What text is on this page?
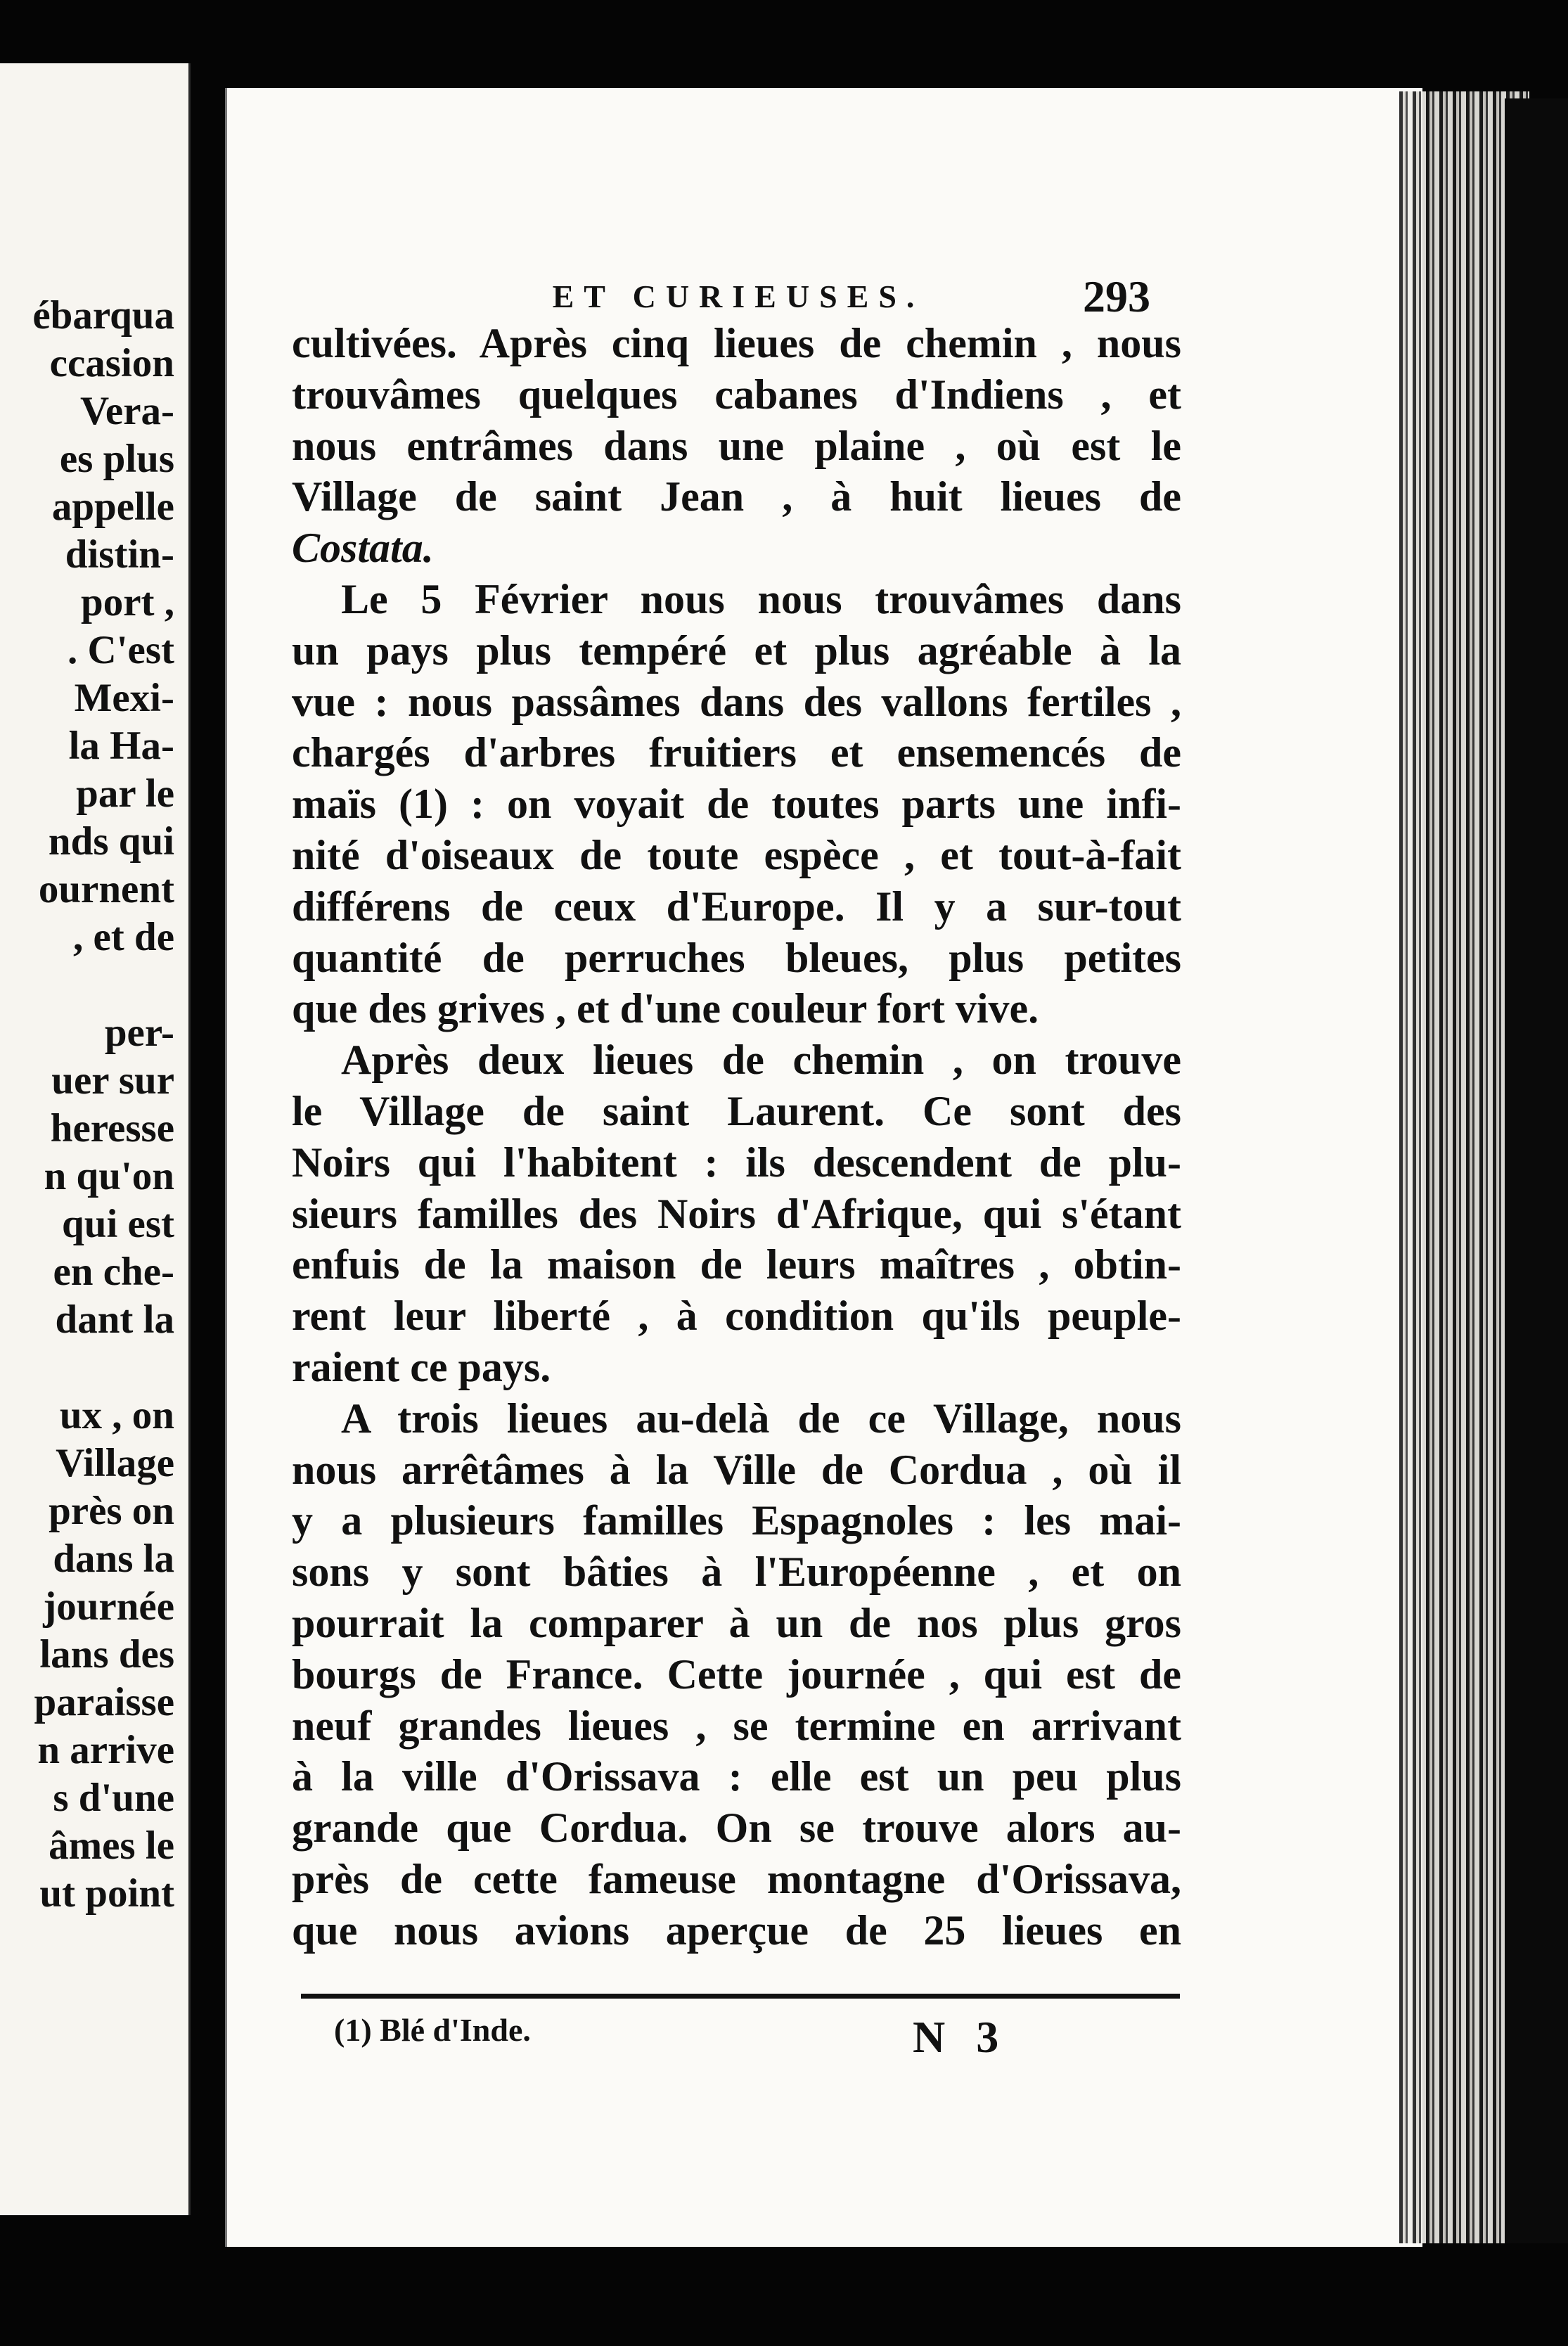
ébarqua
ccasion
Vera-
es plus
appelle
distin-
port ,
. C'est
Mexi-
la Ha-
par le
nds qui
ournent
, et de

per-
uer sur
heresse
n qu'on
qui est
en che-
dant la

ux , on
Village
près on
dans la
journée
lans des
paraisse
n arrive
s d'une
âmes le
ut point
ET CURIEUSES.	293
cultivées. Après cinq lieues de chemin , nous
trouvâmes quelques cabanes d'Indiens , et
nous entrâmes dans une plaine , où est le
Village de saint Jean , à huit lieues de
Costata.
Le 5 Février nous nous trouvâmes dans
un pays plus tempéré et plus agréable à la
vue : nous passâmes dans des vallons fertiles ,
chargés d'arbres fruitiers et ensemencés de
maïs (1) : on voyait de toutes parts une infi-
nité d'oiseaux de toute espèce , et tout-à-fait
différens de ceux d'Europe. Il y a sur-tout
quantité de perruches bleues, plus petites
que des grives , et d'une couleur fort vive.
Après deux lieues de chemin , on trouve
le Village de saint Laurent. Ce sont des
Noirs qui l'habitent : ils descendent de plu-
sieurs familles des Noirs d'Afrique, qui s'étant
enfuis de la maison de leurs maîtres , obtin-
rent leur liberté , à condition qu'ils peuple-
raient ce pays.
A trois lieues au-delà de ce Village, nous
nous arrêtâmes à la Ville de Cordua , où il
y a plusieurs familles Espagnoles : les mai-
sons y sont bâties à l'Européenne , et on
pourrait la comparer à un de nos plus gros
bourgs de France. Cette journée , qui est de
neuf grandes lieues , se termine en arrivant
à la ville d'Orissava : elle est un peu plus
grande que Cordua. On se trouve alors au-
près de cette fameuse montagne d'Orissava,
que nous avions aperçue de 25 lieues en
(1) Blé d'Inde.	N 3
